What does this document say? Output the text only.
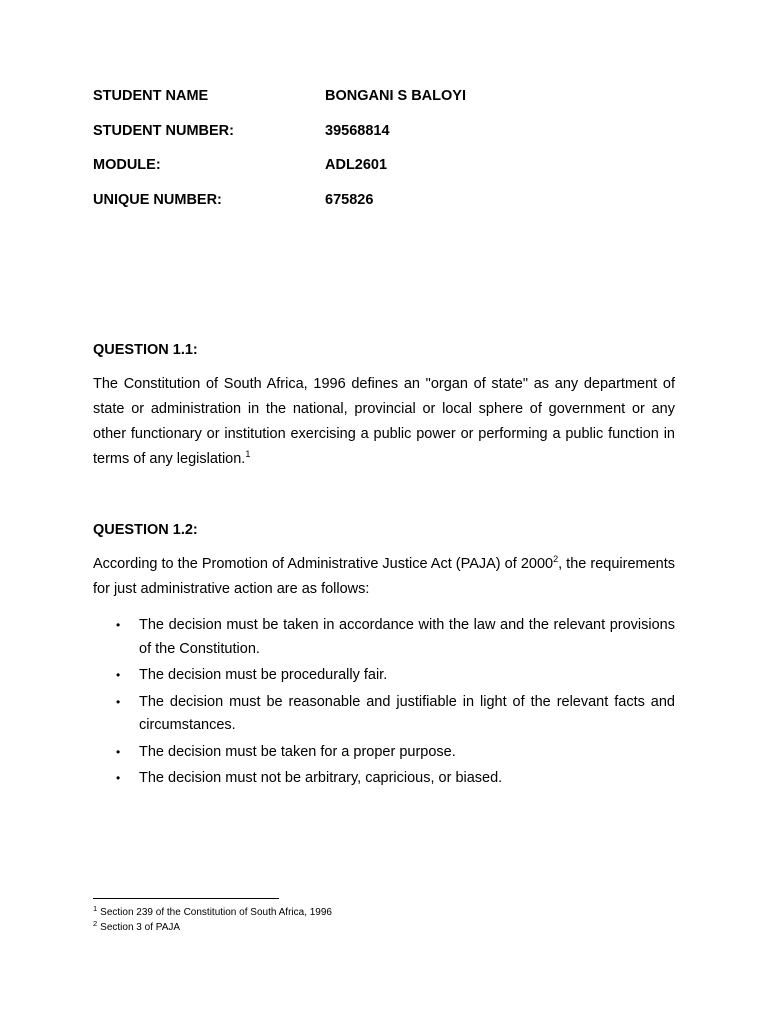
STUDENT NAME	BONGANI S BALOYI
STUDENT NUMBER:	39568814
MODULE:	ADL2601
UNIQUE NUMBER:	675826
QUESTION 1.1:

The Constitution of South Africa, 1996 defines an "organ of state" as any department of state or administration in the national, provincial or local sphere of government or any other functionary or institution exercising a public power or performing a public function in terms of any legislation.$^1$

QUESTION 1.2:

According to the Promotion of Administrative Justice Act (PAJA) of 2000$^2$, the requirements for just administrative action are as follows:

• The decision must be taken in accordance with the law and the relevant provisions of the Constitution.
• The decision must be procedurally fair.
• The decision must be reasonable and justifiable in light of the relevant facts and circumstances.
• The decision must be taken for a proper purpose.
• The decision must not be arbitrary, capricious, or biased.
$^1$ Section 239 of the Constitution of South Africa, 1996
$^2$ Section 3 of PAJA
